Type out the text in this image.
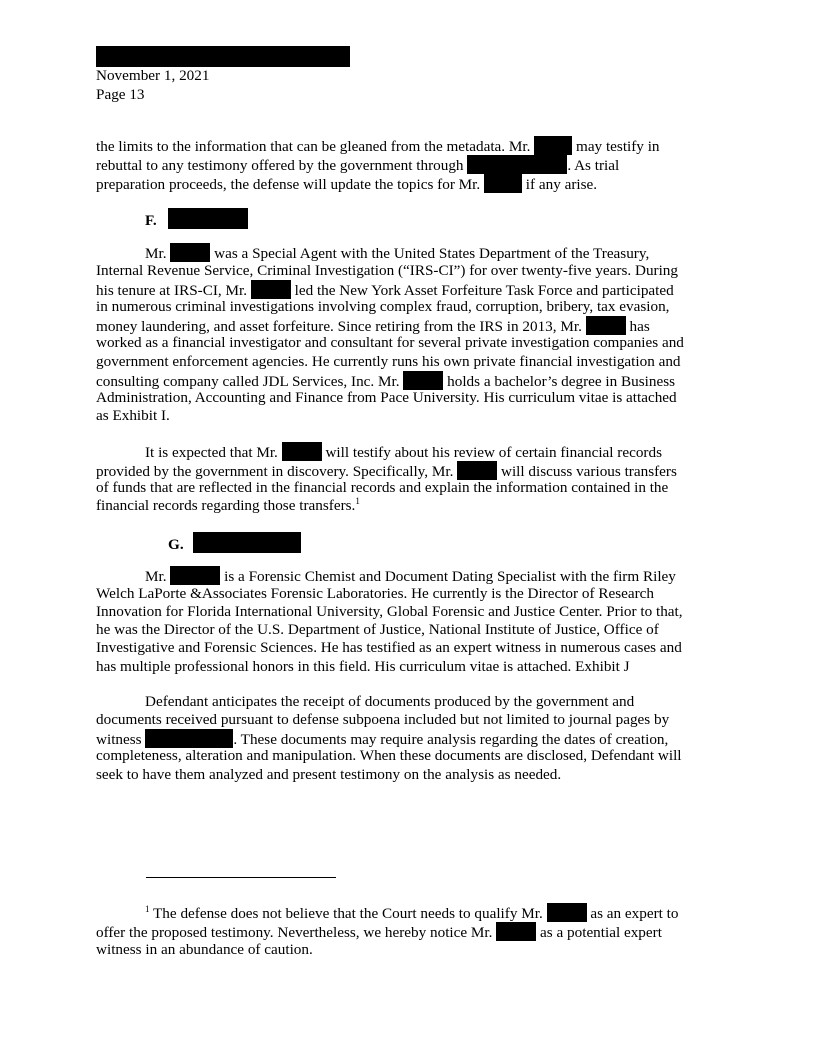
November 1, 2021
Page 13
the limits to the information that can be gleaned from the metadata. Mr.	may testify in
rebuttal to any testimony offered by the government through	. As trial
preparation proceeds, the defense will update the topics for Mr.	if any arise.
F.
Mr.	was a Special Agent with the United States Department of the Treasury,
Internal Revenue Service, Criminal Investigation (“IRS-CI”) for over twenty-five years. During
his tenure at IRS-CI, Mr.	led the New York Asset Forfeiture Task Force and participated
in numerous criminal investigations involving complex fraud, corruption, bribery, tax evasion,
money laundering, and asset forfeiture. Since retiring from the IRS in 2013, Mr.	has
worked as a financial investigator and consultant for several private investigation companies and
government enforcement agencies. He currently runs his own private financial investigation and
consulting company called JDL Services, Inc. Mr.	holds a bachelor’s degree in Business
Administration, Accounting and Finance from Pace University. His curriculum vitae is attached
as Exhibit I.
It is expected that Mr.	will testify about his review of certain financial records
provided by the government in discovery. Specifically, Mr.	will discuss various transfers
of funds that are reflected in the financial records and explain the information contained in the
financial records regarding those transfers.$^1$
G.
Mr.	is a Forensic Chemist and Document Dating Specialist with the firm Riley
Welch LaPorte &Associates Forensic Laboratories. He currently is the Director of Research
Innovation for Florida International University, Global Forensic and Justice Center. Prior to that,
he was the Director of the U.S. Department of Justice, National Institute of Justice, Office of
Investigative and Forensic Sciences. He has testified as an expert witness in numerous cases and
has multiple professional honors in this field. His curriculum vitae is attached. Exhibit J
Defendant anticipates the receipt of documents produced by the government and
documents received pursuant to defense subpoena included but not limited to journal pages by
witness	. These documents may require analysis regarding the dates of creation,
completeness, alteration and manipulation. When these documents are disclosed, Defendant will
seek to have them analyzed and present testimony on the analysis as needed.
$^1$ The defense does not believe that the Court needs to qualify Mr.	as an expert to
offer the proposed testimony. Nevertheless, we hereby notice Mr.	as a potential expert
witness in an abundance of caution.
